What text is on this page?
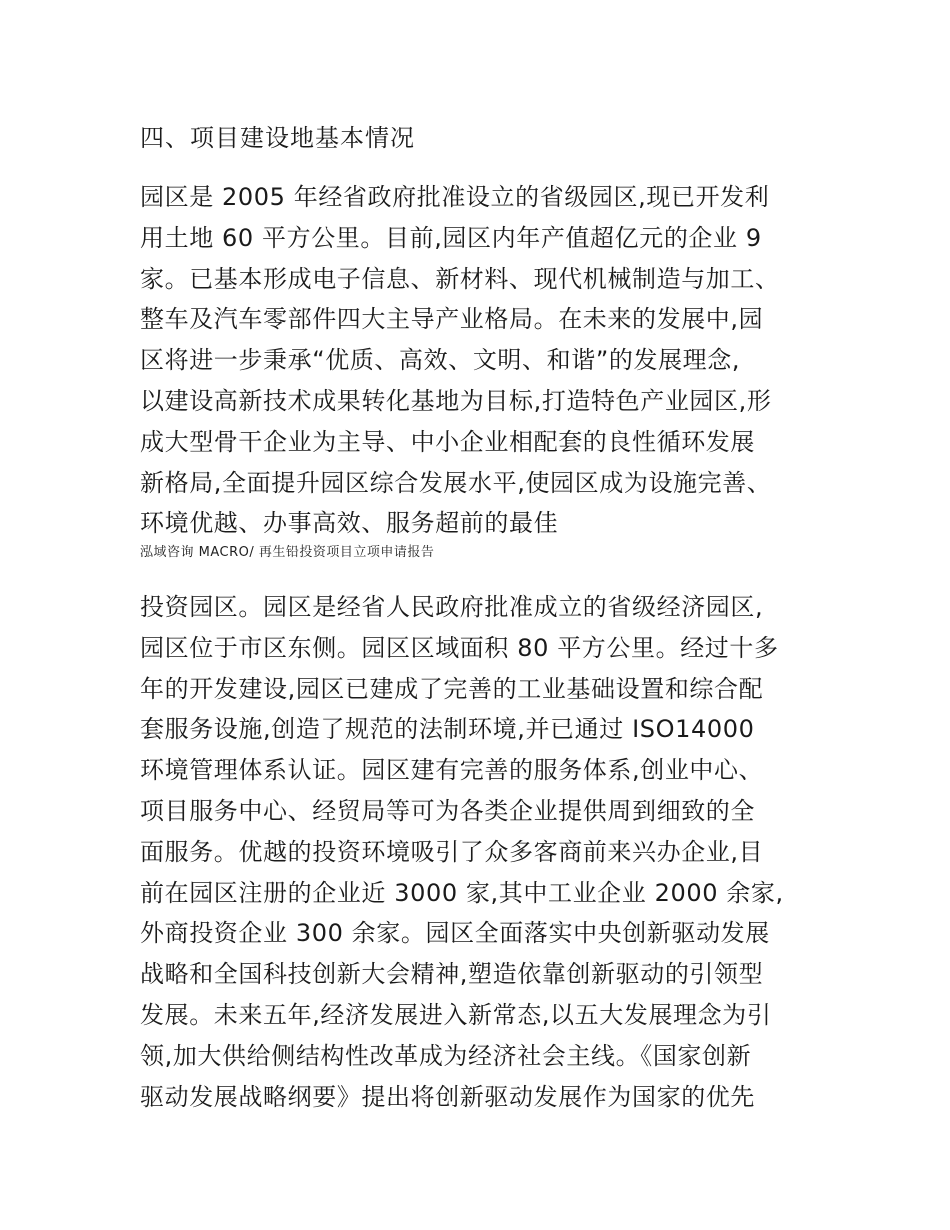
四、项目建设地基本情况
园区是 2005 年经省政府批准设立的省级园区,现已开发利
用土地 60 平方公里。目前,园区内年产值超亿元的企业 9
家。已基本形成电子信息、新材料、现代机械制造与加工、
整车及汽车零部件四大主导产业格局。在未来的发展中,园
区将进一步秉承“优质、高效、文明、和谐”的发展理念,
以建设高新技术成果转化基地为目标,打造特色产业园区,形
成大型骨干企业为主导、中小企业相配套的良性循环发展
新格局,全面提升园区综合发展水平,使园区成为设施完善、
环境优越、办事高效、服务超前的最佳
泓域咨询 MACRO/ 再生铅投资项目立项申请报告
投资园区。园区是经省人民政府批准成立的省级经济园区,
园区位于市区东侧。园区区域面积 80 平方公里。经过十多
年的开发建设,园区已建成了完善的工业基础设置和综合配
套服务设施,创造了规范的法制环境,并已通过 ISO14000
环境管理体系认证。园区建有完善的服务体系,创业中心、
项目服务中心、经贸局等可为各类企业提供周到细致的全
面服务。优越的投资环境吸引了众多客商前来兴办企业,目
前在园区注册的企业近 3000 家,其中工业企业 2000 余家,
外商投资企业 300 余家。园区全面落实中央创新驱动发展
战略和全国科技创新大会精神,塑造依靠创新驱动的引领型
发展。未来五年,经济发展进入新常态,以五大发展理念为引
领,加大供给侧结构性改革成为经济社会主线。《国家创新
驱动发展战略纲要》提出将创新驱动发展作为国家的优先
